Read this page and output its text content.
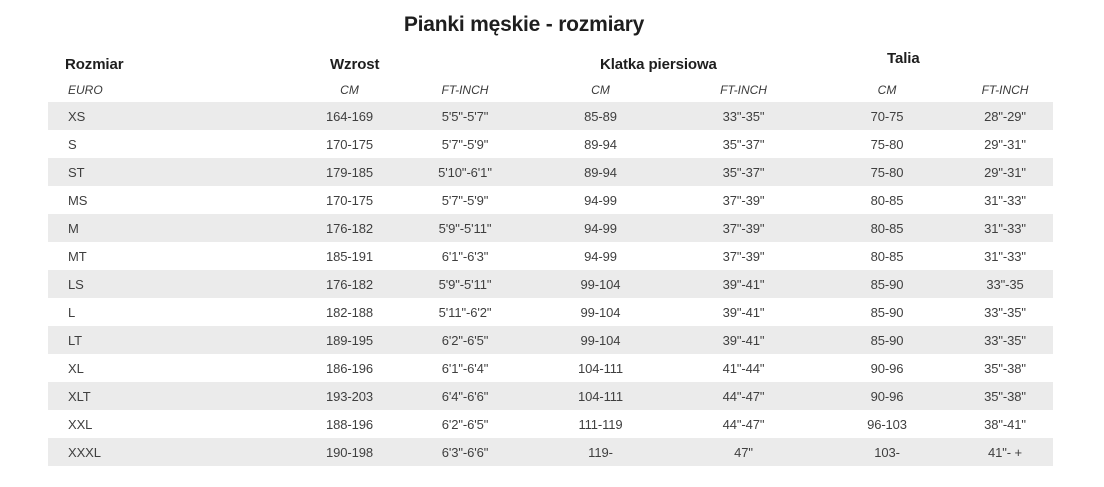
Pianki męskie - rozmiary
Rozmiar	Wzrost		Klatka piersiowa		Talia	
EURO	CM	FT-INCH	CM	FT-INCH	CM	FT-INCH
XS	164-169	5'5"-5'7"	85-89	33"-35"	70-75	28"-29"
S	170-175	5'7"-5'9"	89-94	35"-37"	75-80	29"-31"
ST	179-185	5'10"-6'1"	89-94	35"-37"	75-80	29"-31"
MS	170-175	5'7"-5'9"	94-99	37"-39"	80-85	31"-33"
M	176-182	5'9"-5'11"	94-99	37"-39"	80-85	31"-33"
MT	185-191	6'1"-6'3"	94-99	37"-39"	80-85	31"-33"
LS	176-182	5'9"-5'11"	99-104	39"-41"	85-90	33"-35
L	182-188	5'11"-6'2"	99-104	39"-41"	85-90	33"-35"
LT	189-195	6'2"-6'5"	99-104	39"-41"	85-90	33"-35"
XL	186-196	6'1"-6'4"	104-111	41"-44"	90-96	35"-38"
XLT	193-203	6'4"-6'6"	104-111	44"-47"	90-96	35"-38"
XXL	188-196	6'2"-6'5"	111-119	44"-47"	96-103	38"-41"
XXXL	190-198	6'3"-6'6"	119-	47"	103-	41"- +
